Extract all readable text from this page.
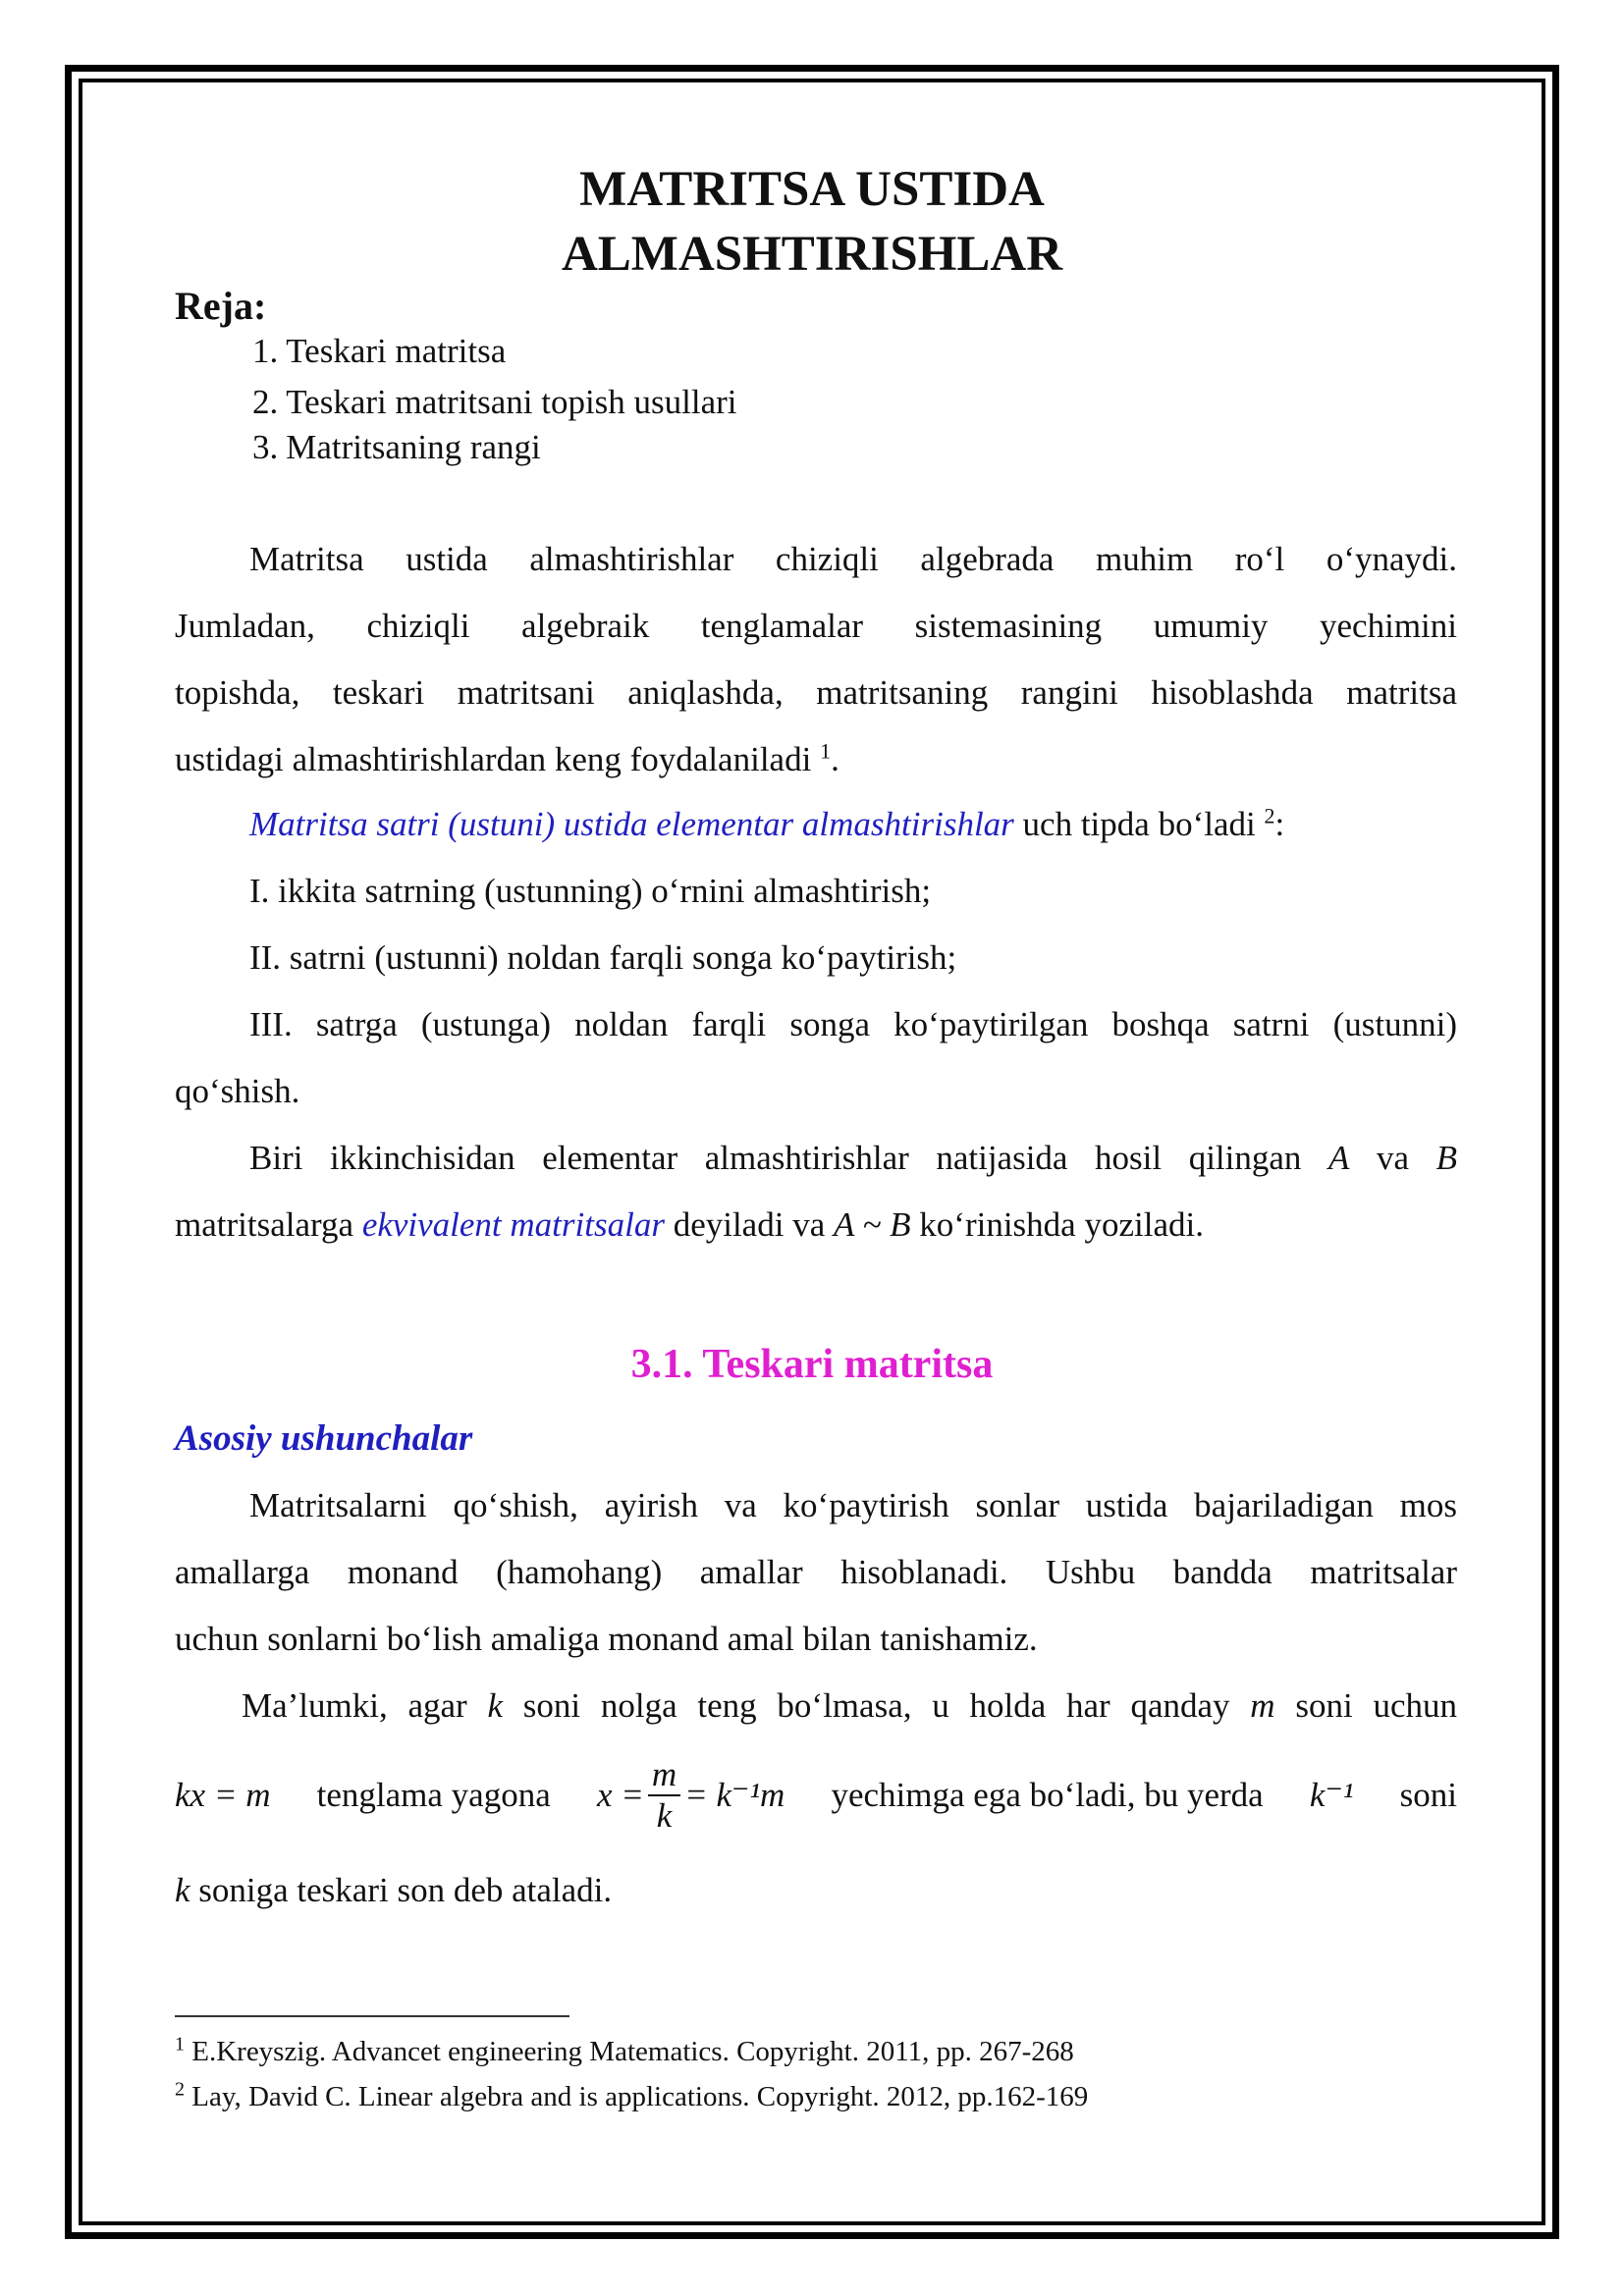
MATRITSA USTIDA
ALMASHTIRISHLAR
Reja:
1. Teskari matritsa
2. Teskari matritsani topish usullari
3. Matritsaning rangi
Matritsa ustida almashtirishlar chiziqli algebrada muhim ro‘l o‘ynaydi.
Jumladan, chiziqli algebraik tenglamalar sistemasining umumiy yechimini
topishda, teskari matritsani aniqlashda, matritsaning rangini hisoblashda matritsa
ustidagi almashtirishlardan keng foydalaniladi $^1$.
Matritsa satri (ustuni) ustida elementar almashtirishlar uch tipda bo‘ladi $^2$:
I. ikkita satrning (ustunning) o‘rnini almashtirish;
II. satrni (ustunni) noldan farqli songa ko‘paytirish;
III. satrga (ustunga) noldan farqli songa ko‘paytirilgan boshqa satrni (ustunni)
qo‘shish.
Biri ikkinchisidan elementar almashtirishlar natijasida hosil qilingan A va B
matritsalarga ekvivalent matritsalar deyiladi va A ~ B ko‘rinishda yoziladi.
3.1. Teskari matritsa
Asosiy ushunchalar
Matritsalarni qo‘shish, ayirish va ko‘paytirish sonlar ustida bajariladigan mos
amallarga monand (hamohang) amallar hisoblanadi. Ushbu bandda matritsalar
uchun sonlarni bo‘lish amaliga monand amal bilan tanishamiz.
Ma’lumki, agar k soni nolga teng bo‘lmasa, u holda har qanday m soni uchun
kx = m tenglama yagona $x = \frac{m}{k} = k^{-1}m$ yechimga ega bo‘ladi, bu yerda k⁻¹ soni
k soniga teskari son deb ataladi.
$^1$ E.Kreyszig. Advancet engineering Matematics. Copyright. 2011, pp. 267-268
$^2$ Lay, David C. Linear algebra and is applications. Copyright. 2012, pp.162-169
